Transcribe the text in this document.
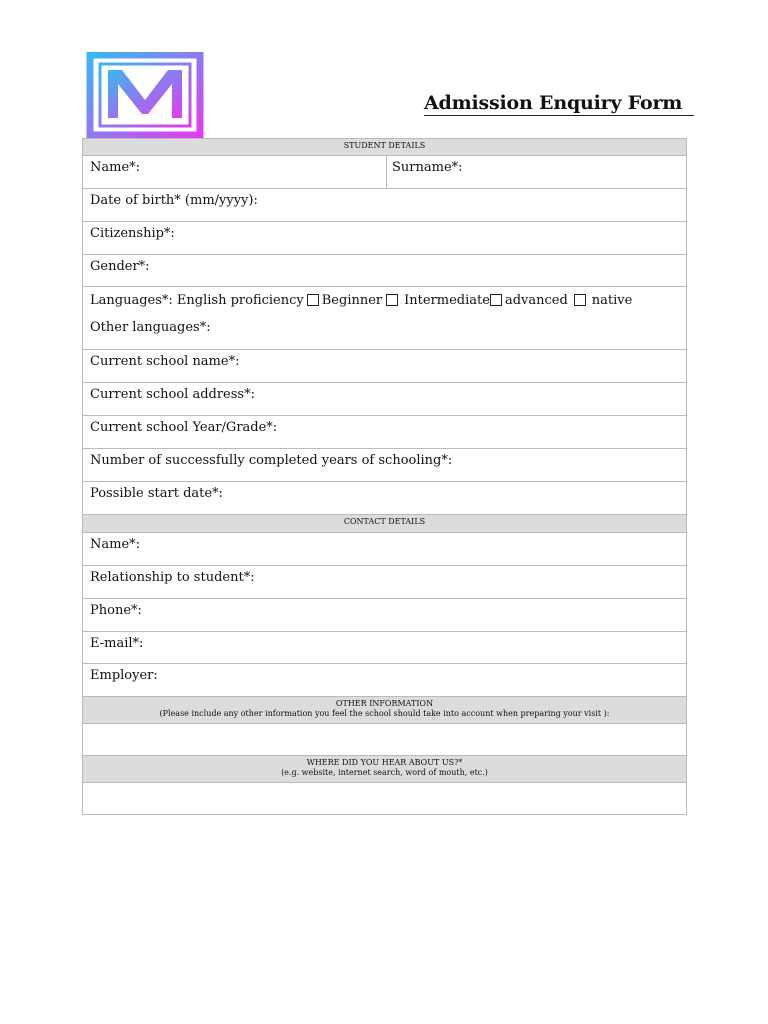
Admission Enquiry Form
STUDENT DETAILS
Name*:	Surname*:
Date of birth* (mm/yyyy):
Citizenship*:
Gender*:
Languages*: English proficiency Beginner Intermediate advanced native
Other languages*:
Current school name*:
Current school address*:
Current school Year/Grade*:
Number of successfully completed years of schooling*:
Possible start date*:
CONTACT DETAILS
Name*:
Relationship to student*:
Phone*:
E-mail*:
Employer:
OTHER INFORMATION
(Please include any other information you feel the school should take into account when preparing your visit ):
WHERE DID YOU HEAR ABOUT US?*
(e.g. website, internet search, word of mouth, etc.)
